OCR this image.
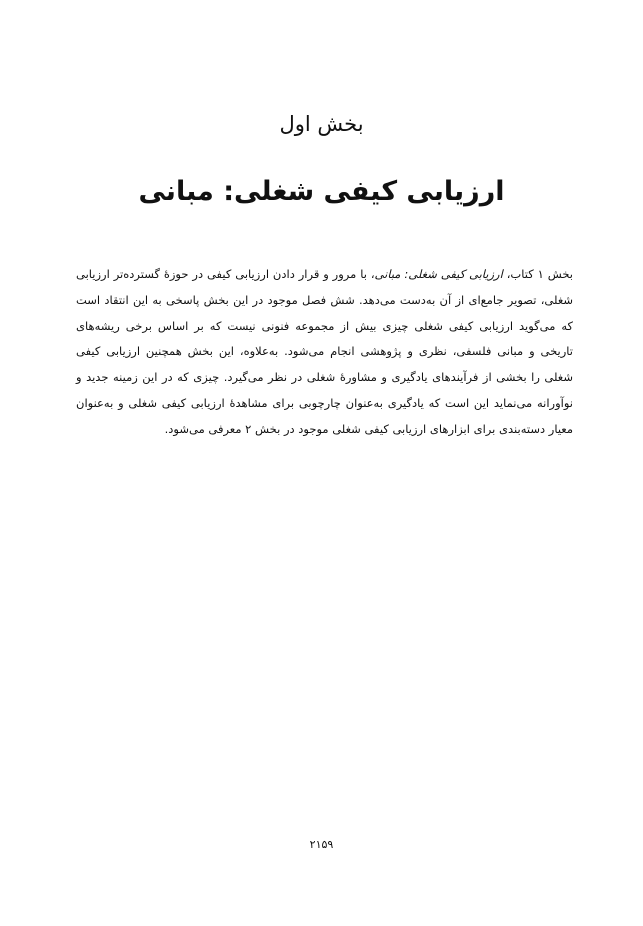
بخش اول
ارزیابی کیفی شغلی: مبانی

بخش ۱ کتاب، ارزیابی کیفی شغلی: مبانی، با مرور و قرار دادن ارزیابی کیفی در حوزهٔ گسترده‌تر ارزیابی شغلی، تصویر جامع‌ای از آن به‌دست می‌دهد. شش فصل موجود در این بخش پاسخی به این انتقاد است که می‌گوید ارزیابی کیفی شغلی چیزی بیش از مجموعه فنونی نیست که بر اساس برخی ریشه‌های تاریخی و مبانی فلسفی، نظری و پژوهشی انجام می‌شود. به‌علاوه، این بخش همچنین ارزیابی کیفی شغلی را بخشی از فرآیندهای یادگیری و مشاورهٔ شغلی در نظر می‌گیرد. چیزی که در این زمینه جدید و نوآورانه می‌نماید این است که یادگیری به‌عنوان چارچوبی برای مشاهدهٔ ارزیابی کیفی شغلی و به‌عنوان معیار دسته‌بندی برای ابزارهای ارزیابی کیفی شغلی موجود در بخش ۲ معرفی می‌شود.

۲۱۵۹
